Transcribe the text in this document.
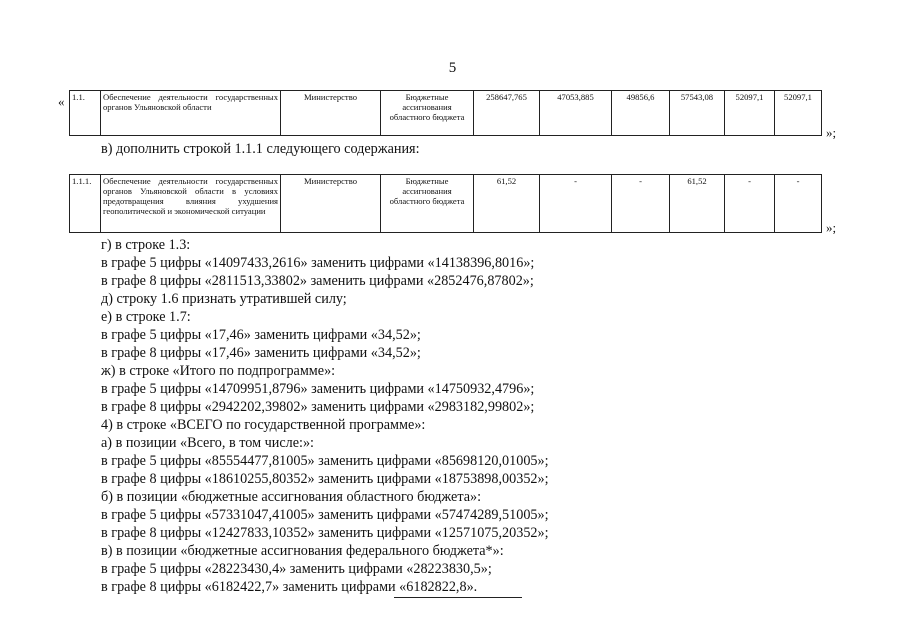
5
« 1.1.	Обеспечение деятельности государственных органов Ульяновской области	Министерство	Бюджетные ассигнования областного бюджета	258647,765	47053,885	49856,6	57543,08	52097,1	52097,1
»;
в) дополнить строкой 1.1.1 следующего содержания:
1.1.1.	Обеспечение деятельности государственных органов Ульяновской области в условиях предотвращения влияния ухудшения геополитической и экономической ситуации	Министерство	Бюджетные ассигнования областного бюджета	61,52	-	-	61,52	-	-
»;
г) в строке 1.3:
в графе 5 цифры «14097433,2616» заменить цифрами «14138396,8016»;
в графе 8 цифры «2811513,33802» заменить цифрами «2852476,87802»;
д) строку 1.6 признать утратившей силу;
е) в строке 1.7:
в графе 5 цифры «17,46» заменить цифрами «34,52»;
в графе 8 цифры «17,46» заменить цифрами «34,52»;
ж) в строке «Итого по подпрограмме»:
в графе 5 цифры «14709951,8796» заменить цифрами «14750932,4796»;
в графе 8 цифры «2942202,39802» заменить цифрами «2983182,99802»;
4) в строке «ВСЕГО по государственной программе»:
а) в позиции «Всего, в том числе:»:
в графе 5 цифры «85554477,81005» заменить цифрами «85698120,01005»;
в графе 8 цифры «18610255,80352» заменить цифрами «18753898,00352»;
б) в позиции «бюджетные ассигнования областного бюджета»:
в графе 5 цифры «57331047,41005» заменить цифрами «57474289,51005»;
в графе 8 цифры «12427833,10352» заменить цифрами «12571075,20352»;
в) в позиции «бюджетные ассигнования федерального бюджета*»:
в графе 5 цифры «28223430,4» заменить цифрами «28223830,5»;
в графе 8 цифры «6182422,7» заменить цифрами «6182822,8».
